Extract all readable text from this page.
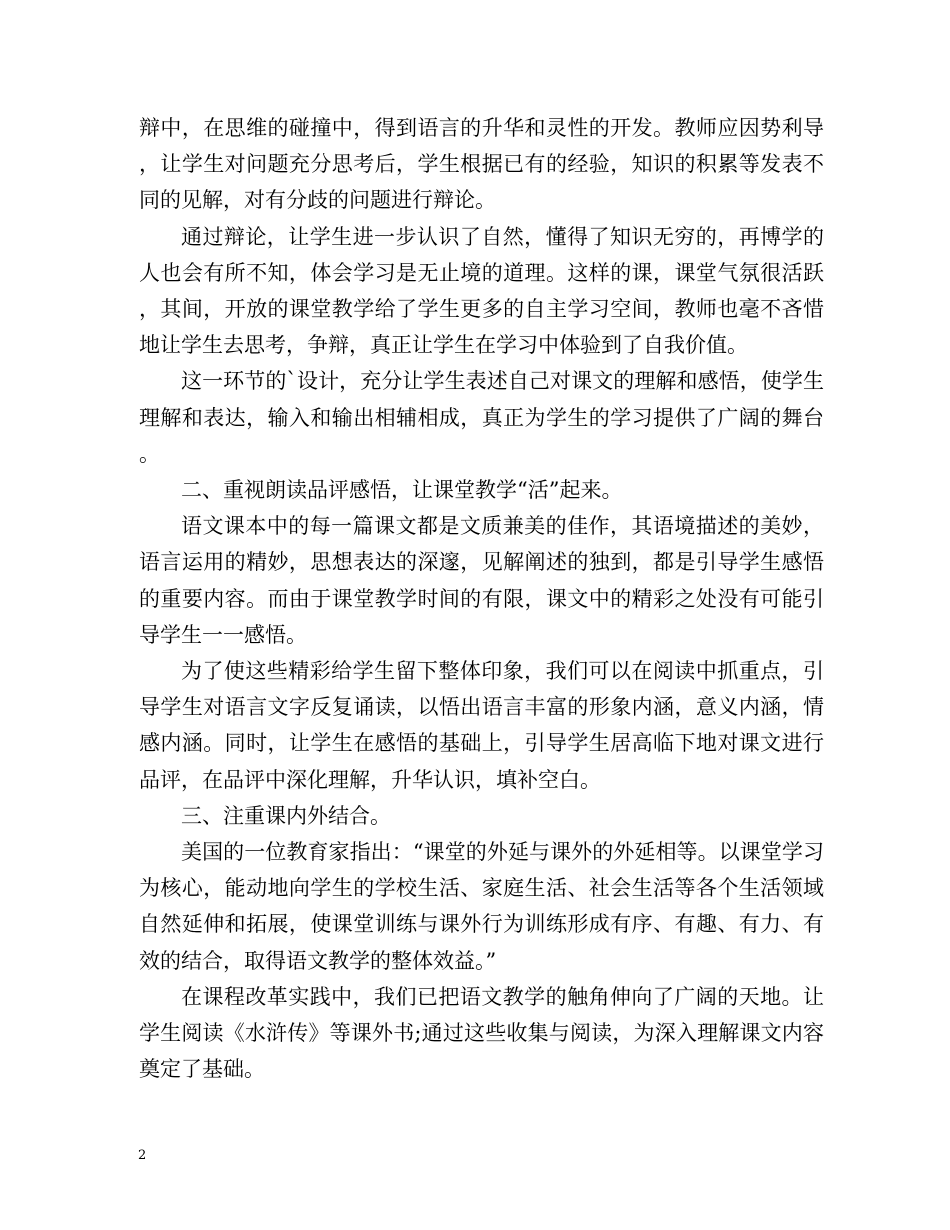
辩中，在思维的碰撞中，得到语言的升华和灵性的开发。教师应因势利导，让学生对问题充分思考后，学生根据已有的经验，知识的积累等发表不同的见解，对有分歧的问题进行辩论。

通过辩论，让学生进一步认识了自然，懂得了知识无穷的，再博学的人也会有所不知，体会学习是无止境的道理。这样的课，课堂气氛很活跃，其间，开放的课堂教学给了学生更多的自主学习空间，教师也毫不吝惜地让学生去思考，争辩，真正让学生在学习中体验到了自我价值。

这一环节的`设计，充分让学生表述自己对课文的理解和感悟，使学生理解和表达，输入和输出相辅相成，真正为学生的学习提供了广阔的舞台。

二、重视朗读品评感悟，让课堂教学“活”起来。

语文课本中的每一篇课文都是文质兼美的佳作，其语境描述的美妙，语言运用的精妙，思想表达的深邃，见解阐述的独到，都是引导学生感悟的重要内容。而由于课堂教学时间的有限，课文中的精彩之处没有可能引导学生一一感悟。

为了使这些精彩给学生留下整体印象，我们可以在阅读中抓重点，引导学生对语言文字反复诵读，以悟出语言丰富的形象内涵，意义内涵，情感内涵。同时，让学生在感悟的基础上，引导学生居高临下地对课文进行品评，在品评中深化理解，升华认识，填补空白。

三、注重课内外结合。

美国的一位教育家指出：“课堂的外延与课外的外延相等。以课堂学习为核心，能动地向学生的学校生活、家庭生活、社会生活等各个生活领域自然延伸和拓展，使课堂训练与课外行为训练形成有序、有趣、有力、有效的结合，取得语文教学的整体效益。”

在课程改革实践中，我们已把语文教学的触角伸向了广阔的天地。让学生阅读《水浒传》等课外书;通过这些收集与阅读，为深入理解课文内容奠定了基础。

2
